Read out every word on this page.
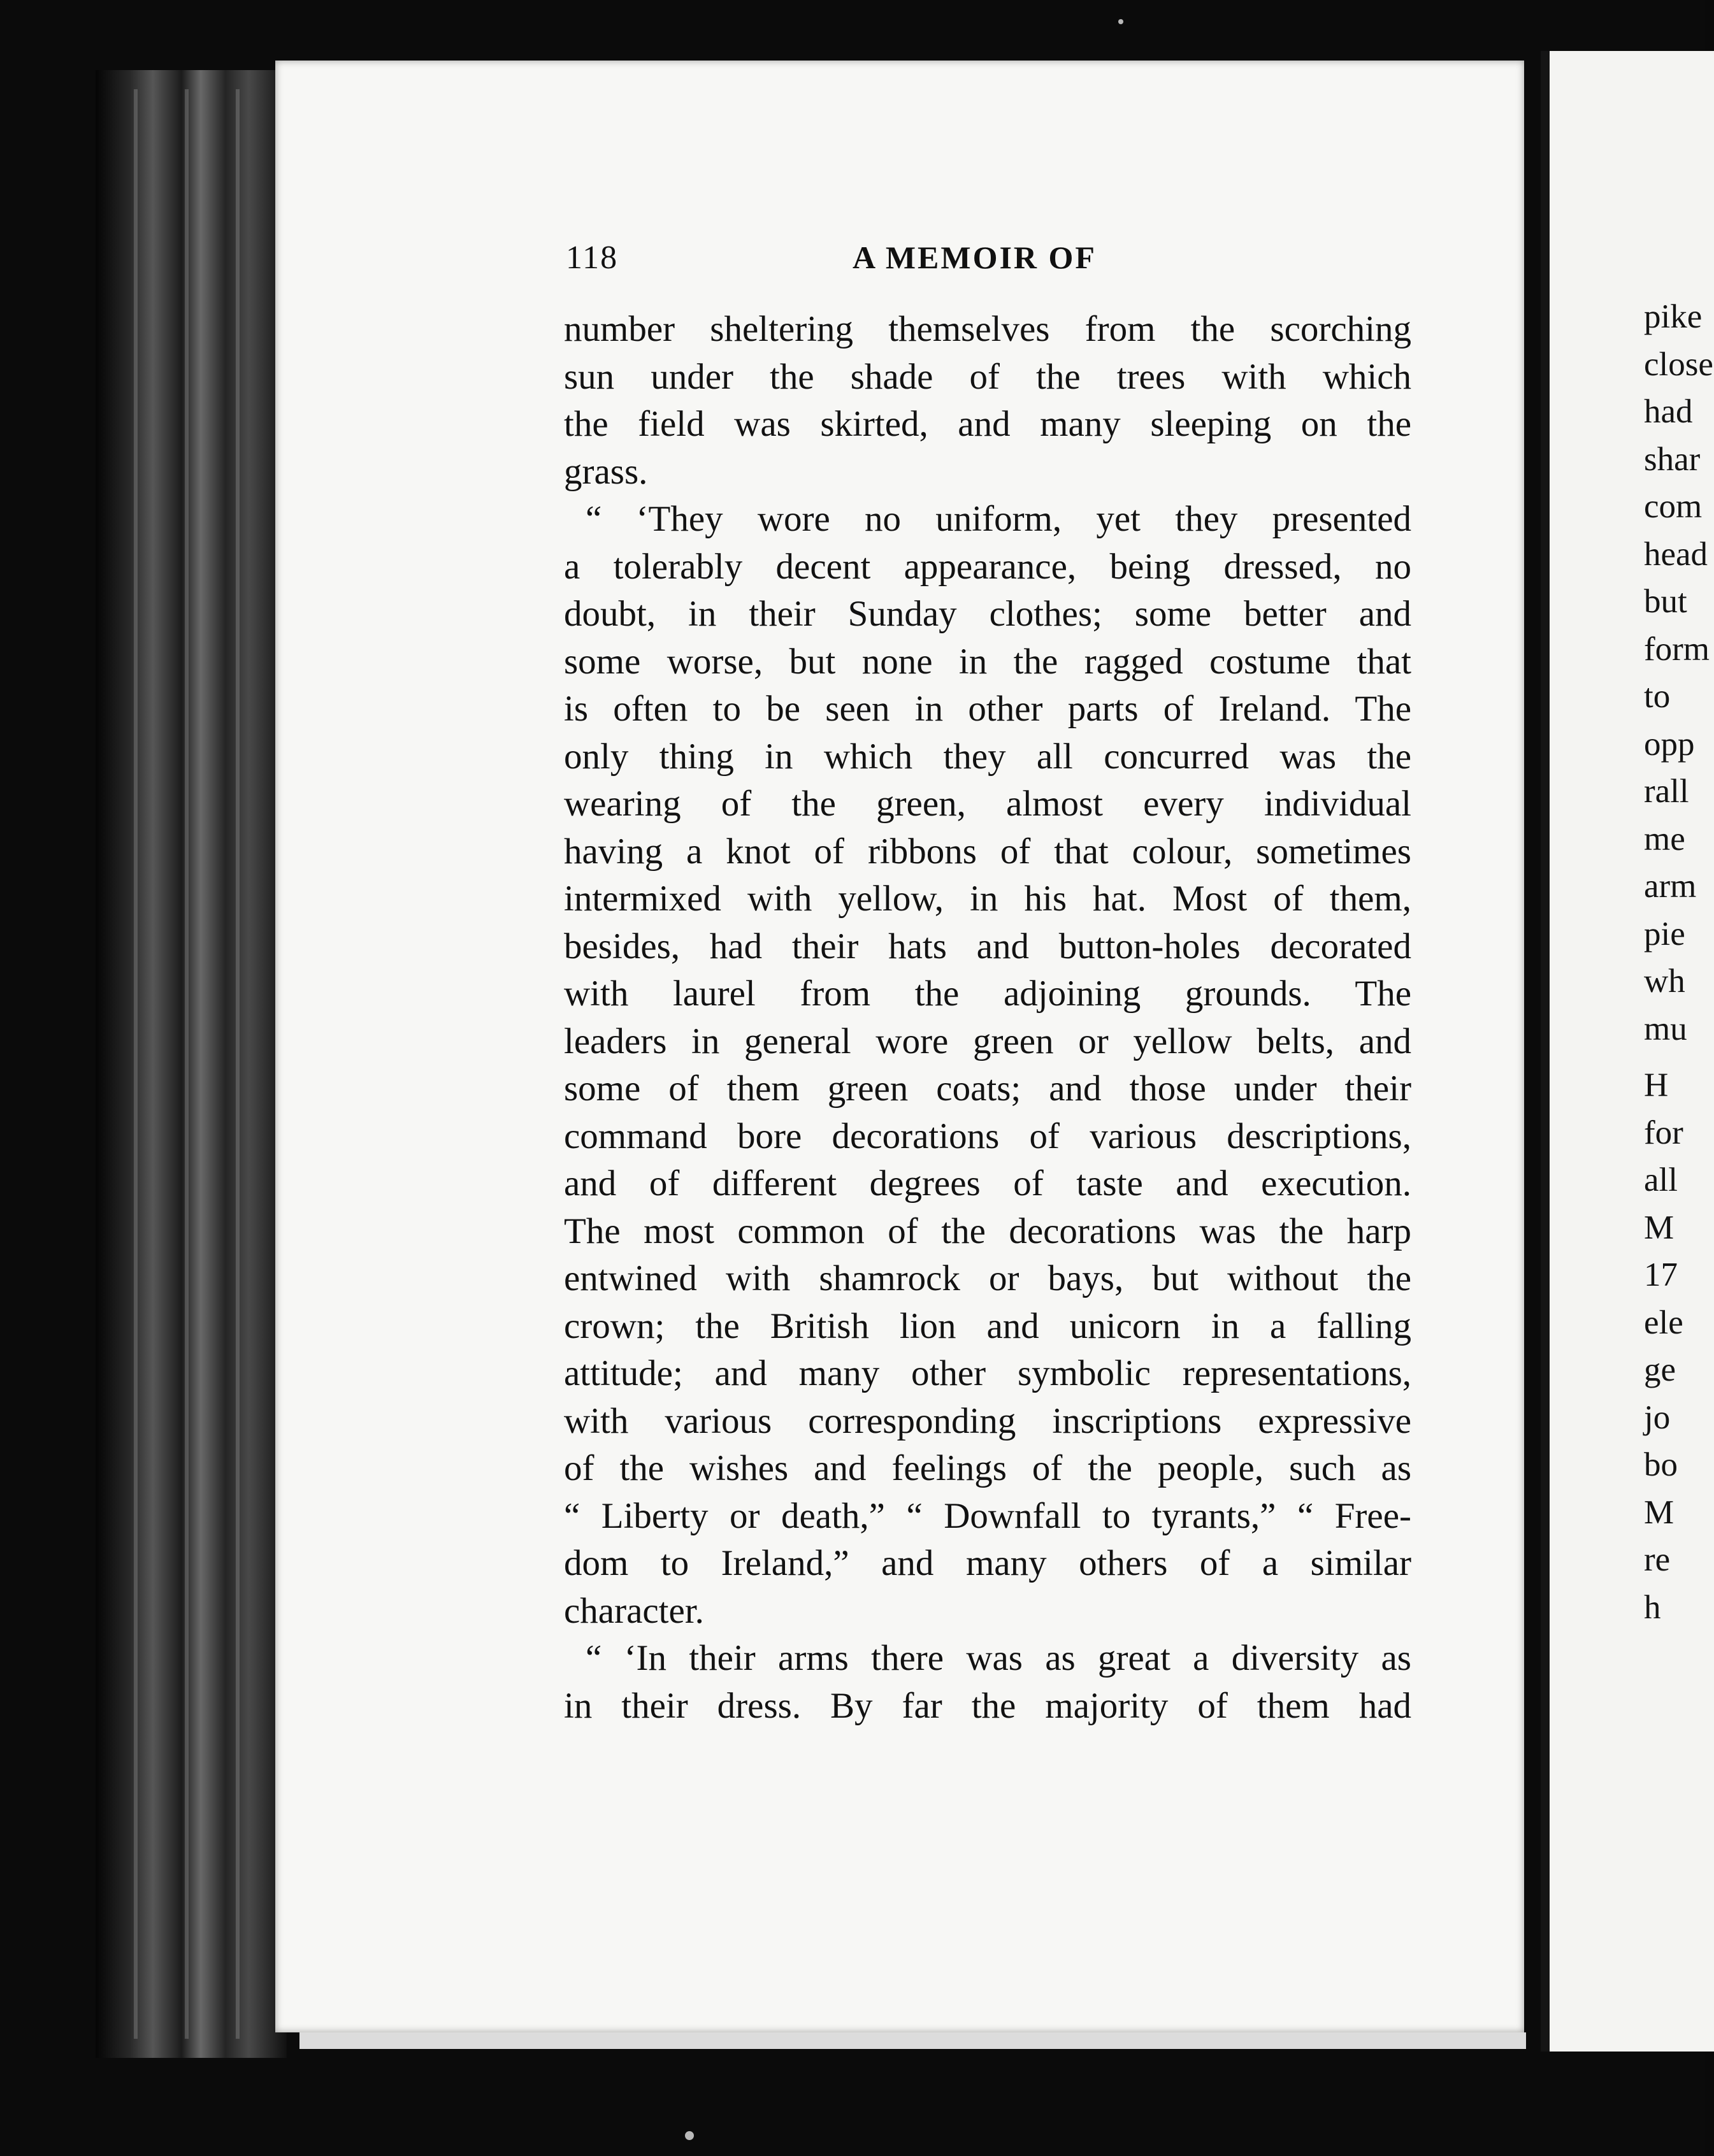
118	A MEMOIR OF
number sheltering themselves from the scorching
sun under the shade of the trees with which
the field was skirted, and many sleeping on the
grass.
“ ‘They wore no uniform, yet they presented
a tolerably decent appearance, being dressed, no
doubt, in their Sunday clothes; some better and
some worse, but none in the ragged costume that
is often to be seen in other parts of Ireland. The
only thing in which they all concurred was the
wearing of the green, almost every individual
having a knot of ribbons of that colour, sometimes
intermixed with yellow, in his hat. Most of them,
besides, had their hats and button-holes decorated
with laurel from the adjoining grounds. The
leaders in general wore green or yellow belts, and
some of them green coats; and those under their
command bore decorations of various descriptions,
and of different degrees of taste and execution.
The most common of the decorations was the harp
entwined with shamrock or bays, but without the
crown; the British lion and unicorn in a falling
attitude; and many other symbolic representations,
with various corresponding inscriptions expressive
of the wishes and feelings of the people, such as
“ Liberty or death,” “ Downfall to tyrants,” “ Free-
dom to Ireland,” and many others of a similar
character.
“ ‘In their arms there was as great a diversity as
in their dress. By far the majority of them had
pike
close
had
shar
com
head
but
form
to
opp
rall
me
arm
pie
wh
mu
H
for
all
M
17
ele
ge
jo
bo
M
re
h
